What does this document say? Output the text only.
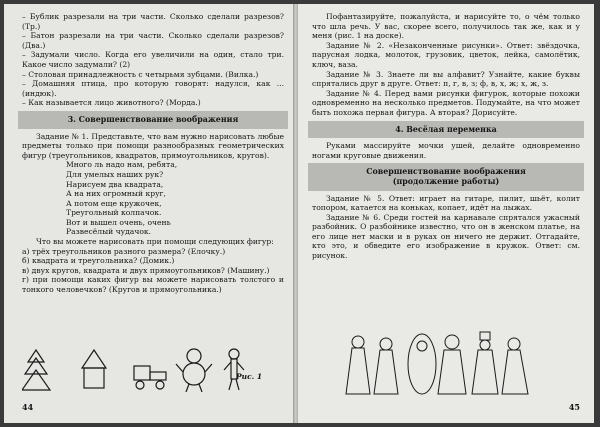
– Бублик разрезали на три части. Сколько сделали разрезов? (Тр.)

– Батон разрезали на три части. Сколько сделали разрезов? (Два.)

– Задумали число. Когда его увеличили на один, стало три. Какое число задумали? (2)

– Столовая принадлежность с четырьмя зубцами. (Вилка.)

– Домашняя птица, про которую говорят: надулся, как ... (индюк).

– Как называется лицо животного? (Морда.)

3. Совершенствование воображения

Задание № 1. Представьте, что вам нужно нарисовать любые предметы только при помощи разнообразных геометрических фигур (треугольников, квадратов, прямоугольников, кругов).

Много ль надо нам, ребята,

Для умелых наших рук?

Нарисуем два квадрата,

А на них огромный круг,

А потом еще кружочек,

Треугольный колпачок.

Вот и вышел очень, очень

Развесёлый чудачок.

Что вы можете нарисовать при помощи следующих фигур:

а) трёх треугольников разного размера? (Елочку.)

б) квадрата и треугольника? (Домик.)

в) двух кругов, квадрата и двух прямоугольников? (Машину.)

г) при помощи каких фигур вы можете нарисовать толстого и тонкого человечков? (Кругов и прямоугольника.)

Рис. 1
44

Пофантазируйте, пожалуйста, и нарисуйте то, о чём только что шла речь. У вас, скорее всего, получилось так же, как и у меня (рис. 1 на доске).

Задание № 2. «Незаконченные рисунки». Ответ: звёздочка, парусная лодка, молоток, грузовик, цветок, лейка, самолётик, ключ, ваза.

Задание № 3. Знаете ли вы алфавит? Узнайте, какие буквы спрятались друг в друге. Ответ: п, г, в, з; ф, в, х, ж; х, ж, з.

Задание № 4. Перед вами рисунки фигурок, которые похожи одновременно на несколько предметов. Подумайте, на что может быть похожа первая фигура. А вторая? Дорисуйте.

4. Весёлая переменка

Руками массируйте мочки ушей, делайте одновременно ногами круговые движения.

Совершенствование воображения
(продолжение работы)

Задание № 5. Ответ: играет на гитаре, пилит, шьёт, колит топором, катается на коньках, копает, идёт на лыжах.

Задание № 6. Среди гостей на карнавале спрятался ужасный разбойник. О разбойнике известно, что он в женском платье, на его лице нет маски и в руках он ничего не держит. Отгадайте, кто это, и обведите его изображение в кружок. Ответ: см. рисунок.

45
